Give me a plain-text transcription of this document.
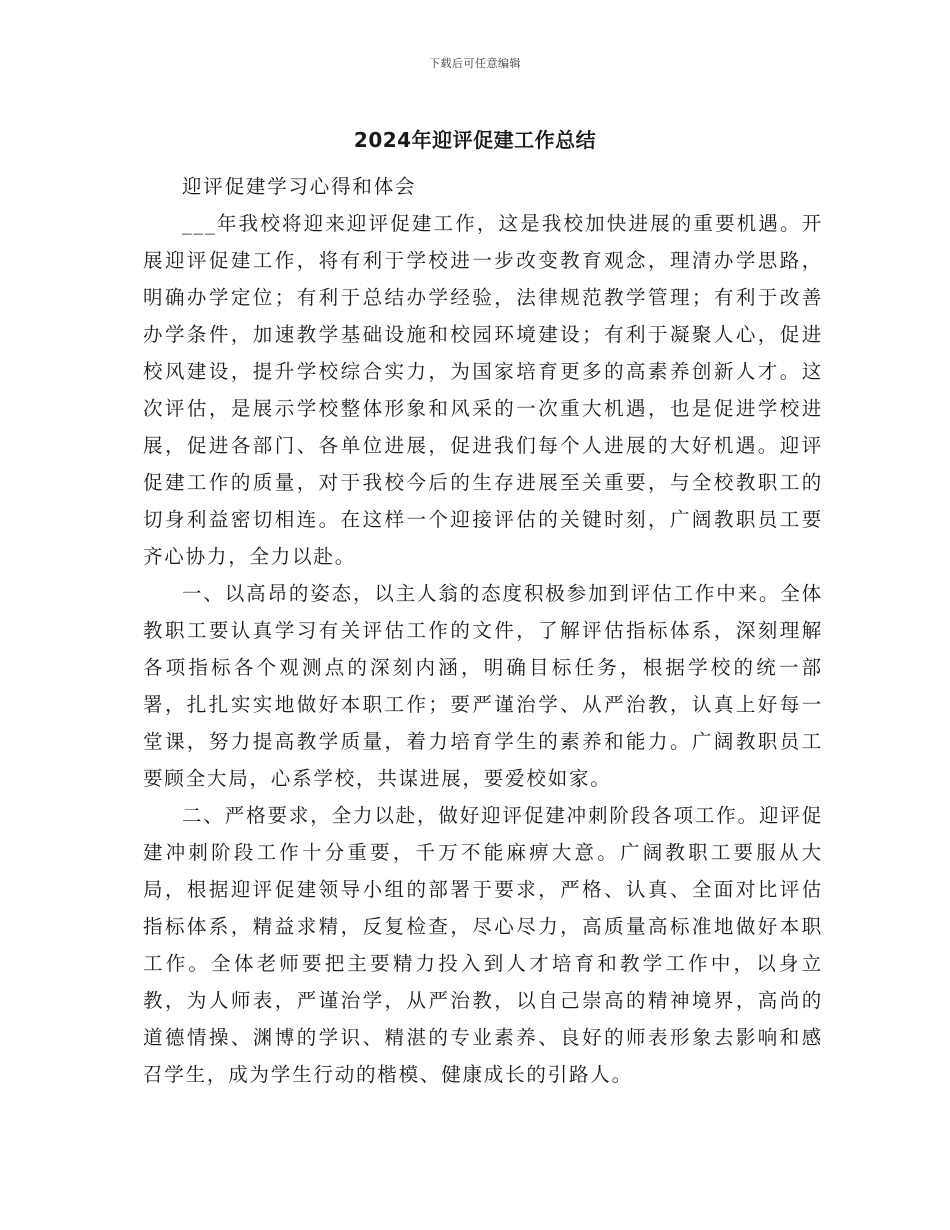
下载后可任意编辑
2024年迎评促建工作总结

迎评促建学习心得和体会

___年我校将迎来迎评促建工作，这是我校加快进展的重要机遇。开展迎评促建工作，将有利于学校进一步改变教育观念，理清办学思路，明确办学定位；有利于总结办学经验，法律规范教学管理；有利于改善办学条件，加速教学基础设施和校园环境建设；有利于凝聚人心，促进校风建设，提升学校综合实力，为国家培育更多的高素养创新人才。这次评估，是展示学校整体形象和风采的一次重大机遇，也是促进学校进展，促进各部门、各单位进展，促进我们每个人进展的大好机遇。迎评促建工作的质量，对于我校今后的生存进展至关重要，与全校教职工的切身利益密切相连。在这样一个迎接评估的关键时刻，广阔教职员工要齐心协力，全力以赴。

一、以高昂的姿态，以主人翁的态度积极参加到评估工作中来。全体教职工要认真学习有关评估工作的文件，了解评估指标体系，深刻理解各项指标各个观测点的深刻内涵，明确目标任务，根据学校的统一部署，扎扎实实地做好本职工作；要严谨治学、从严治教，认真上好每一堂课，努力提高教学质量，着力培育学生的素养和能力。广阔教职员工要顾全大局，心系学校，共谋进展，要爱校如家。

二、严格要求，全力以赴，做好迎评促建冲刺阶段各项工作。迎评促建冲刺阶段工作十分重要，千万不能麻痹大意。广阔教职工要服从大局，根据迎评促建领导小组的部署于要求，严格、认真、全面对比评估指标体系，精益求精，反复检查，尽心尽力，高质量高标准地做好本职工作。全体老师要把主要精力投入到人才培育和教学工作中，以身立教，为人师表，严谨治学，从严治教，以自己崇高的精神境界，高尚的道德情操、渊博的学识、精湛的专业素养、良好的师表形象去影响和感召学生，成为学生行动的楷模、健康成长的引路人。
